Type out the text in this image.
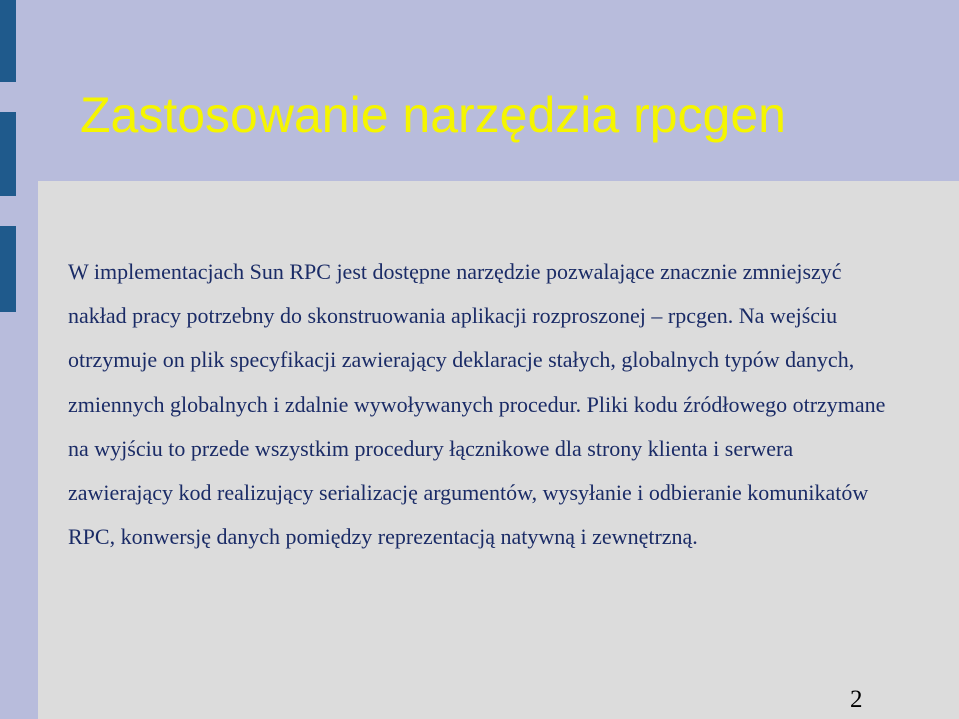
Zastosowanie narzędzia rpcgen

W implementacjach Sun RPC jest dostępne narzędzie pozwalające znacznie zmniejszyć nakład pracy potrzebny do skonstruowania aplikacji rozproszonej – rpcgen. Na wejściu otrzymuje on plik specyfikacji zawierający deklaracje stałych, globalnych typów danych, zmiennych globalnych i zdalnie wywoływanych procedur. Pliki kodu źródłowego otrzymane na wyjściu to przede wszystkim procedury łącznikowe dla strony klienta i serwera zawierający kod realizujący serializację argumentów, wysyłanie i odbieranie komunikatów RPC, konwersję danych pomiędzy reprezentacją natywną i zewnętrzną.

2
